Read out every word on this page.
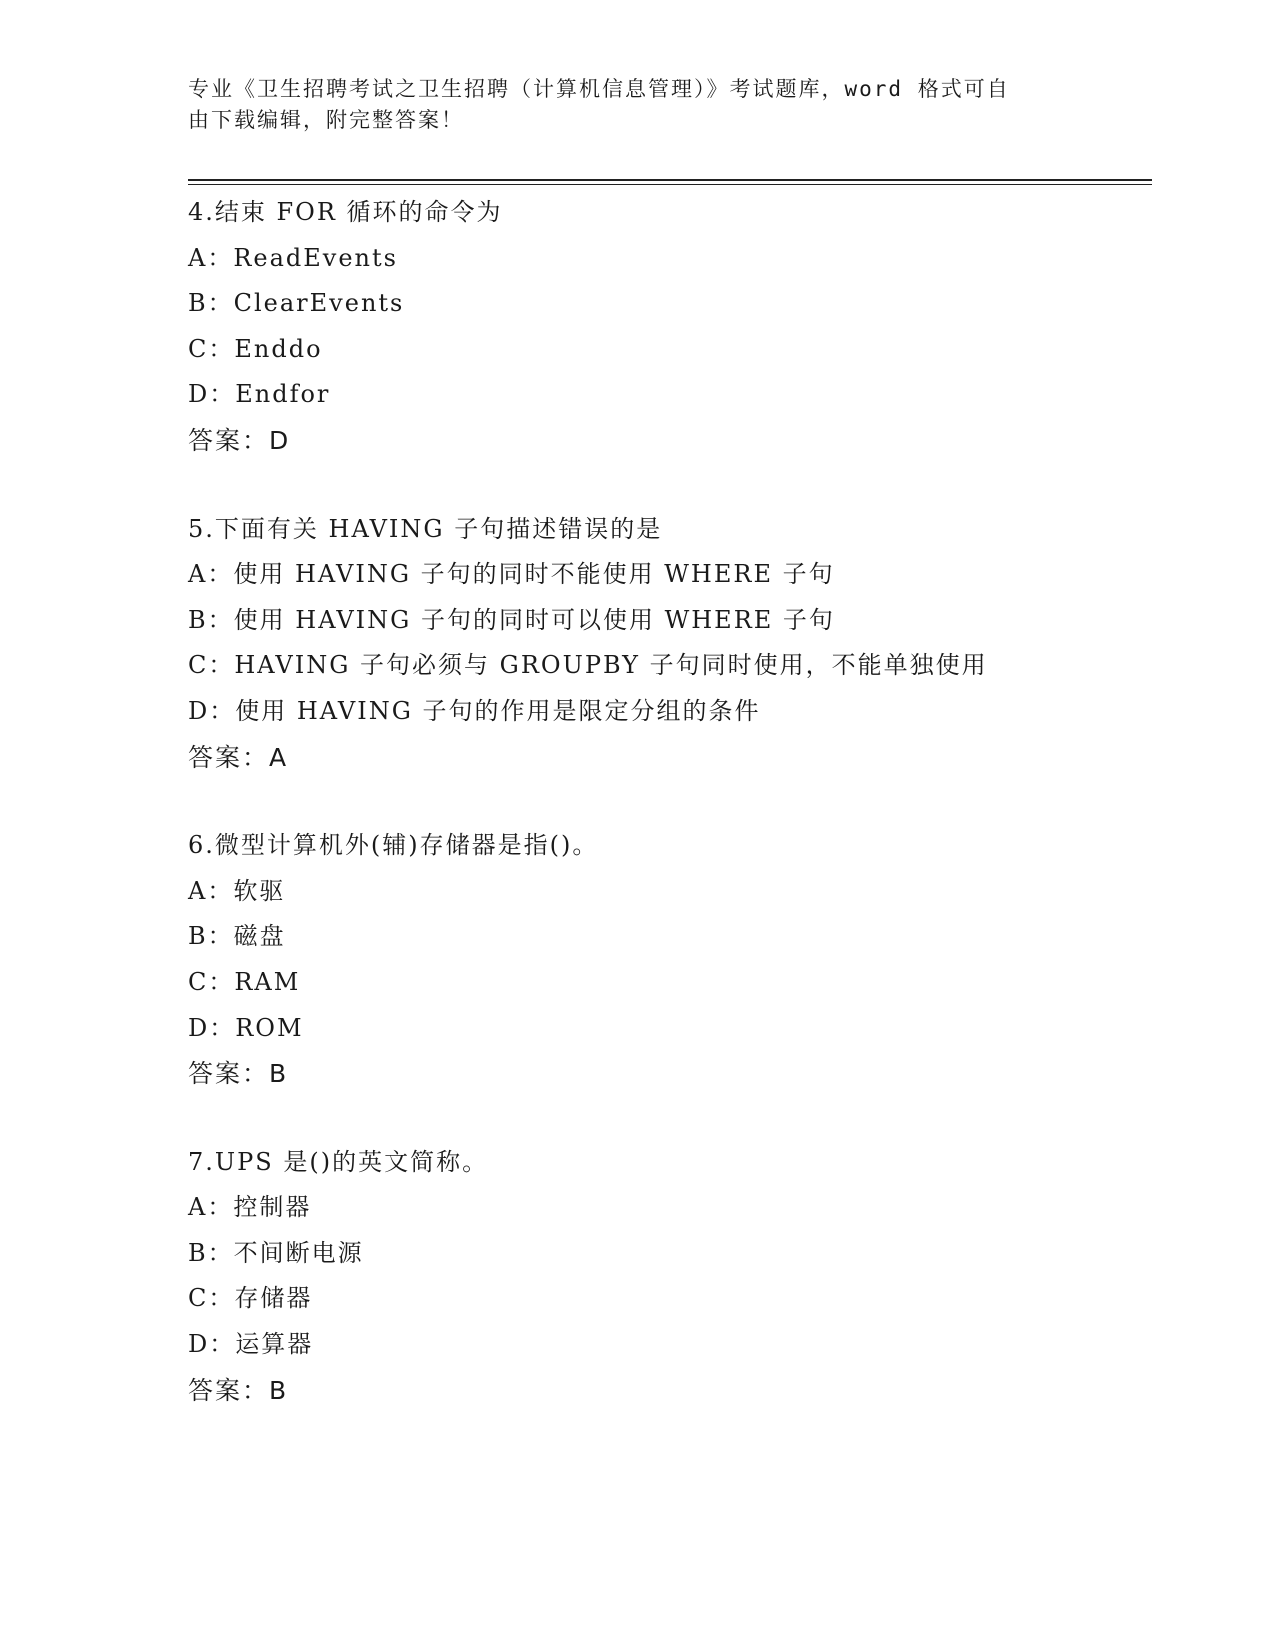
专业《卫生招聘考试之卫生招聘（计算机信息管理）》考试题库，word 格式可自
由下载编辑，附完整答案！
4.结束 FOR 循环的命令为
A：ReadEvents
B：ClearEvents
C：Enddo
D：Endfor
答案：D
5.下面有关 HAVING 子句描述错误的是
A：使用 HAVING 子句的同时不能使用 WHERE 子句
B：使用 HAVING 子句的同时可以使用 WHERE 子句
C：HAVING 子句必须与 GROUPBY 子句同时使用，不能单独使用
D：使用 HAVING 子句的作用是限定分组的条件
答案：A
6.微型计算机外(辅)存储器是指()。
A：软驱
B：磁盘
C：RAM
D：ROM
答案：B
7.UPS 是()的英文简称。
A：控制器
B：不间断电源
C：存储器
D：运算器
答案：B
